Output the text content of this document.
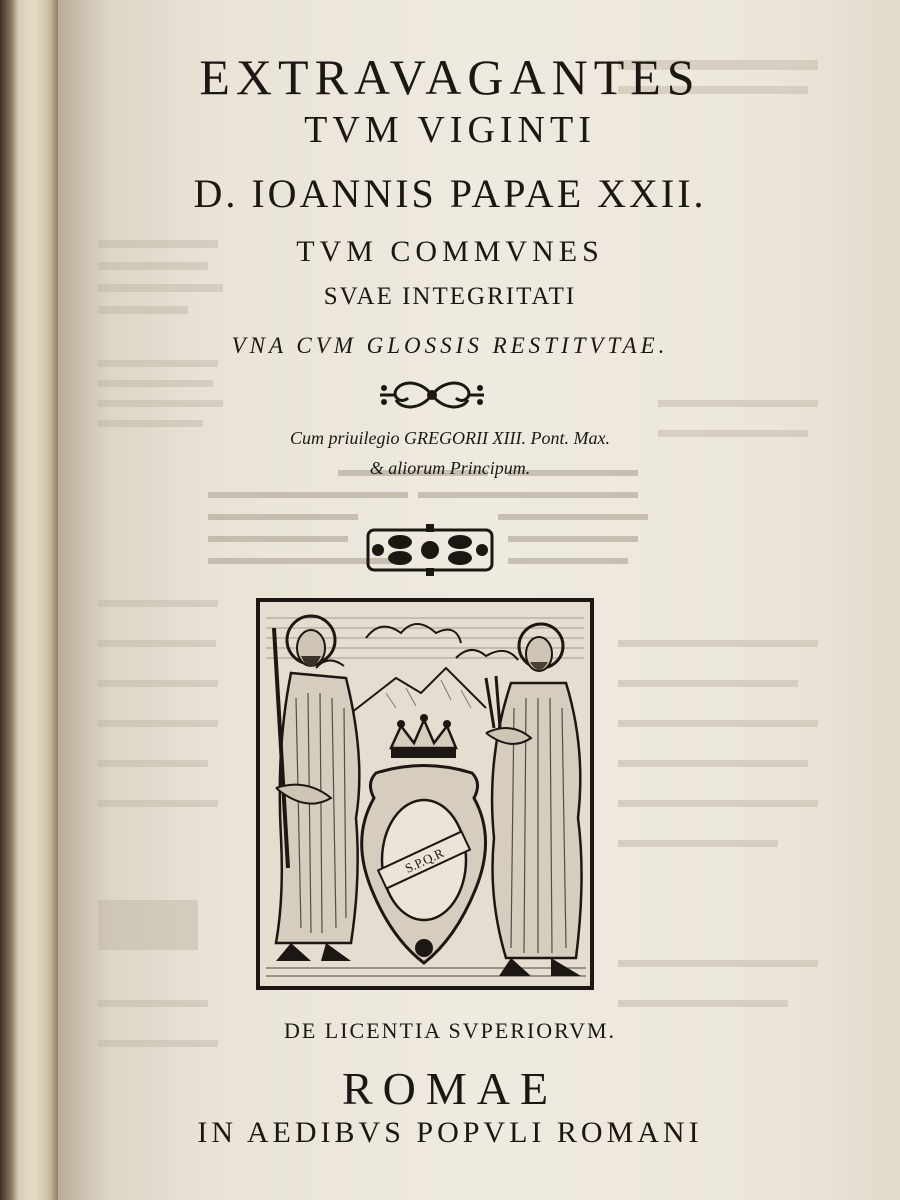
EXTRAVAGANTES
TVM VIGINTI
D. IOANNIS PAPAE XXII.
TVM COMMVNES
SVAE INTEGRITATI
VNA CVM GLOSSIS RESTITVTAE.
Cum priuilegio GREGORII XIII. Pont. Max.
& aliorum Principum.
S.P.Q.R
DE LICENTIA SVPERIORVM.
ROMAE
IN AEDIBVS POPVLI ROMANI
